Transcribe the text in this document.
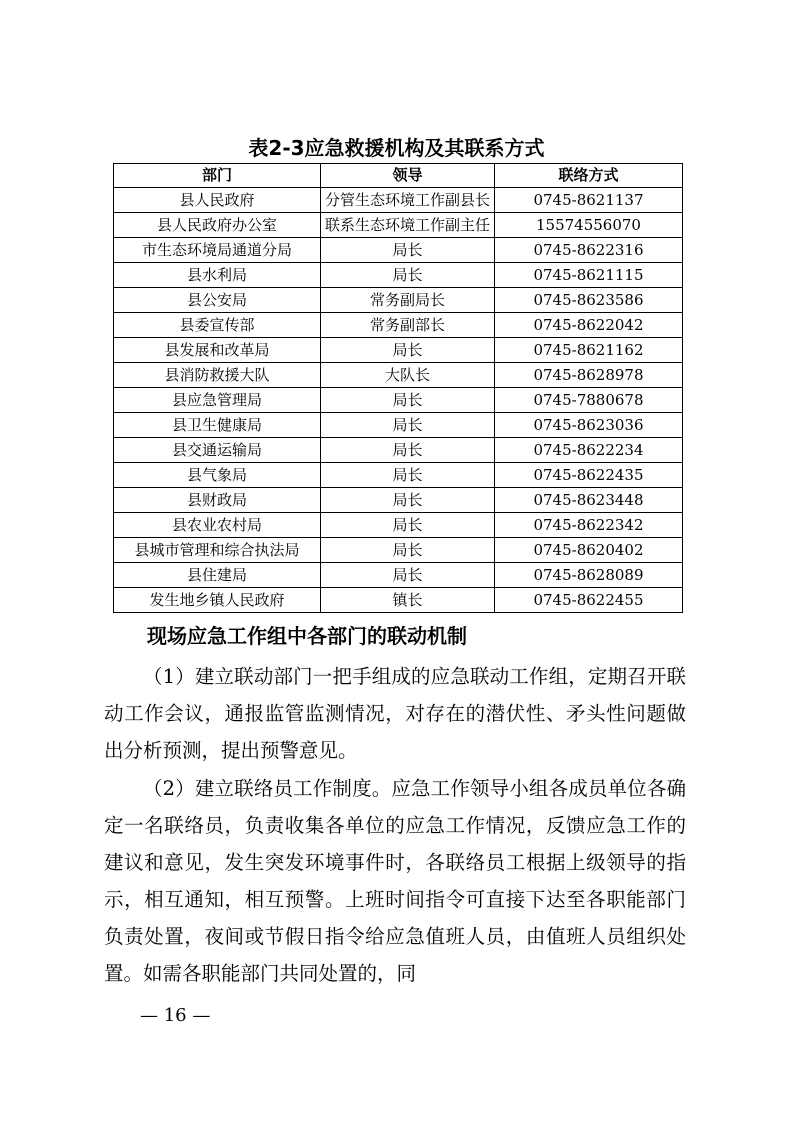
表2-3应急救援机构及其联系方式
部门	领导	联络方式
县人民政府	分管生态环境工作副县长	0745-8621137
县人民政府办公室	联系生态环境工作副主任	15574556070
市生态环境局通道分局	局长	0745-8622316
县水利局	局长	0745-8621115
县公安局	常务副局长	0745-8623586
县委宣传部	常务副部长	0745-8622042
县发展和改革局	局长	0745-8621162
县消防救援大队	大队长	0745-8628978
县应急管理局	局长	0745-7880678
县卫生健康局	局长	0745-8623036
县交通运输局	局长	0745-8622234
县气象局	局长	0745-8622435
县财政局	局长	0745-8623448
县农业农村局	局长	0745-8622342
县城市管理和综合执法局	局长	0745-8620402
县住建局	局长	0745-8628089
发生地乡镇人民政府	镇长	0745-8622455
现场应急工作组中各部门的联动机制

（1）建立联动部门一把手组成的应急联动工作组，定期召开联动工作会议，通报监管监测情况，对存在的潜伏性、矛头性问题做出分析预测，提出预警意见。

（2）建立联络员工作制度。应急工作领导小组各成员单位各确定一名联络员，负责收集各单位的应急工作情况，反馈应急工作的建议和意见，发生突发环境事件时，各联络员工根据上级领导的指示，相互通知，相互预警。上班时间指令可直接下达至各职能部门负责处置，夜间或节假日指令给应急值班人员，由值班人员组织处置。如需各职能部门共同处置的，同

— 16 —
